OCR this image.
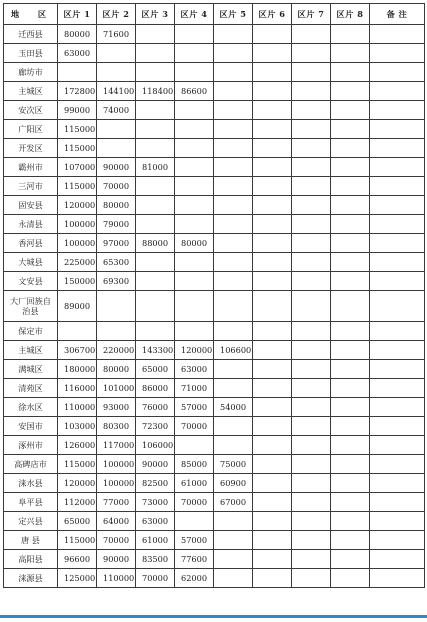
地 区	区片 1	区片 2	区片 3	区片 4	区片 5	区片 6	区片 7	区片 8	备 注
迁西县	80000	71600							
玉田县	63000								
廊坊市									
主城区	172800	144100	118400	86600					
安次区	99000	74000							
广阳区	115000								
开发区	115000								
霸州市	107000	90000	81000						
三河市	115000	70000							
固安县	120000	80000							
永清县	100000	79000							
香河县	100000	97000	88000	80000					
大城县	225000	65300							
文安县	150000	69300							
大厂回族自治县	89000								
保定市									
主城区	306700	220000	143300	120000	106600				
满城区	180000	80000	65000	63000					
清苑区	116000	101000	86000	71000					
徐水区	110000	93000	76000	57000	54000				
安国市	103000	80300	72300	70000					
涿州市	126000	117000	106000						
高碑店市	115000	100000	90000	85000	75000				
涞水县	120000	100000	82500	61000	60900				
阜平县	112000	77000	73000	70000	67000				
定兴县	65000	64000	63000						
唐 县	115000	70000	61000	57000					
高阳县	96600	90000	83500	77600					
涞源县	125000	110000	70000	62000					
